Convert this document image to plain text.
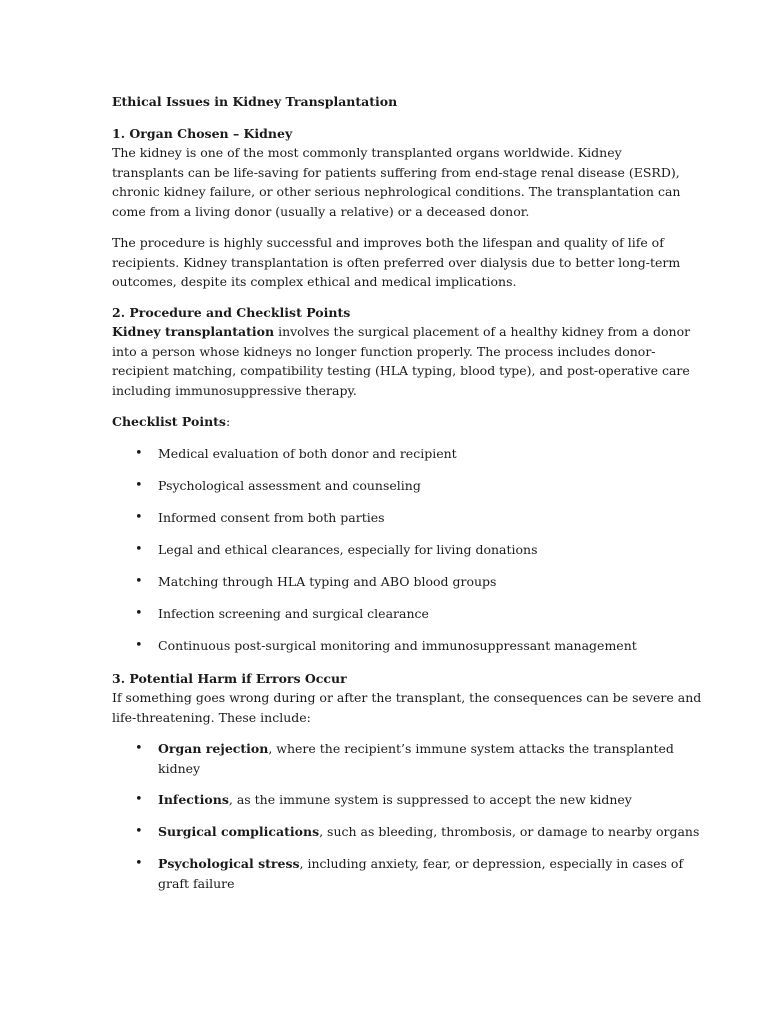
Ethical Issues in Kidney Transplantation
1. Organ Chosen – Kidney
The kidney is one of the most commonly transplanted organs worldwide. Kidney
transplants can be life-saving for patients suffering from end-stage renal disease (ESRD),
chronic kidney failure, or other serious nephrological conditions. The transplantation can
come from a living donor (usually a relative) or a deceased donor.
The procedure is highly successful and improves both the lifespan and quality of life of
recipients. Kidney transplantation is often preferred over dialysis due to better long-term
outcomes, despite its complex ethical and medical implications.
2. Procedure and Checklist Points
Kidney transplantation involves the surgical placement of a healthy kidney from a donor
into a person whose kidneys no longer function properly. The process includes donor-
recipient matching, compatibility testing (HLA typing, blood type), and post-operative care
including immunosuppressive therapy.
Checklist Points:
• Medical evaluation of both donor and recipient
• Psychological assessment and counseling
• Informed consent from both parties
• Legal and ethical clearances, especially for living donations
• Matching through HLA typing and ABO blood groups
• Infection screening and surgical clearance
• Continuous post-surgical monitoring and immunosuppressant management
3. Potential Harm if Errors Occur
If something goes wrong during or after the transplant, the consequences can be severe and
life-threatening. These include:
• Organ rejection, where the recipient’s immune system attacks the transplanted
kidney
• Infections, as the immune system is suppressed to accept the new kidney
• Surgical complications, such as bleeding, thrombosis, or damage to nearby organs
• Psychological stress, including anxiety, fear, or depression, especially in cases of
graft failure
